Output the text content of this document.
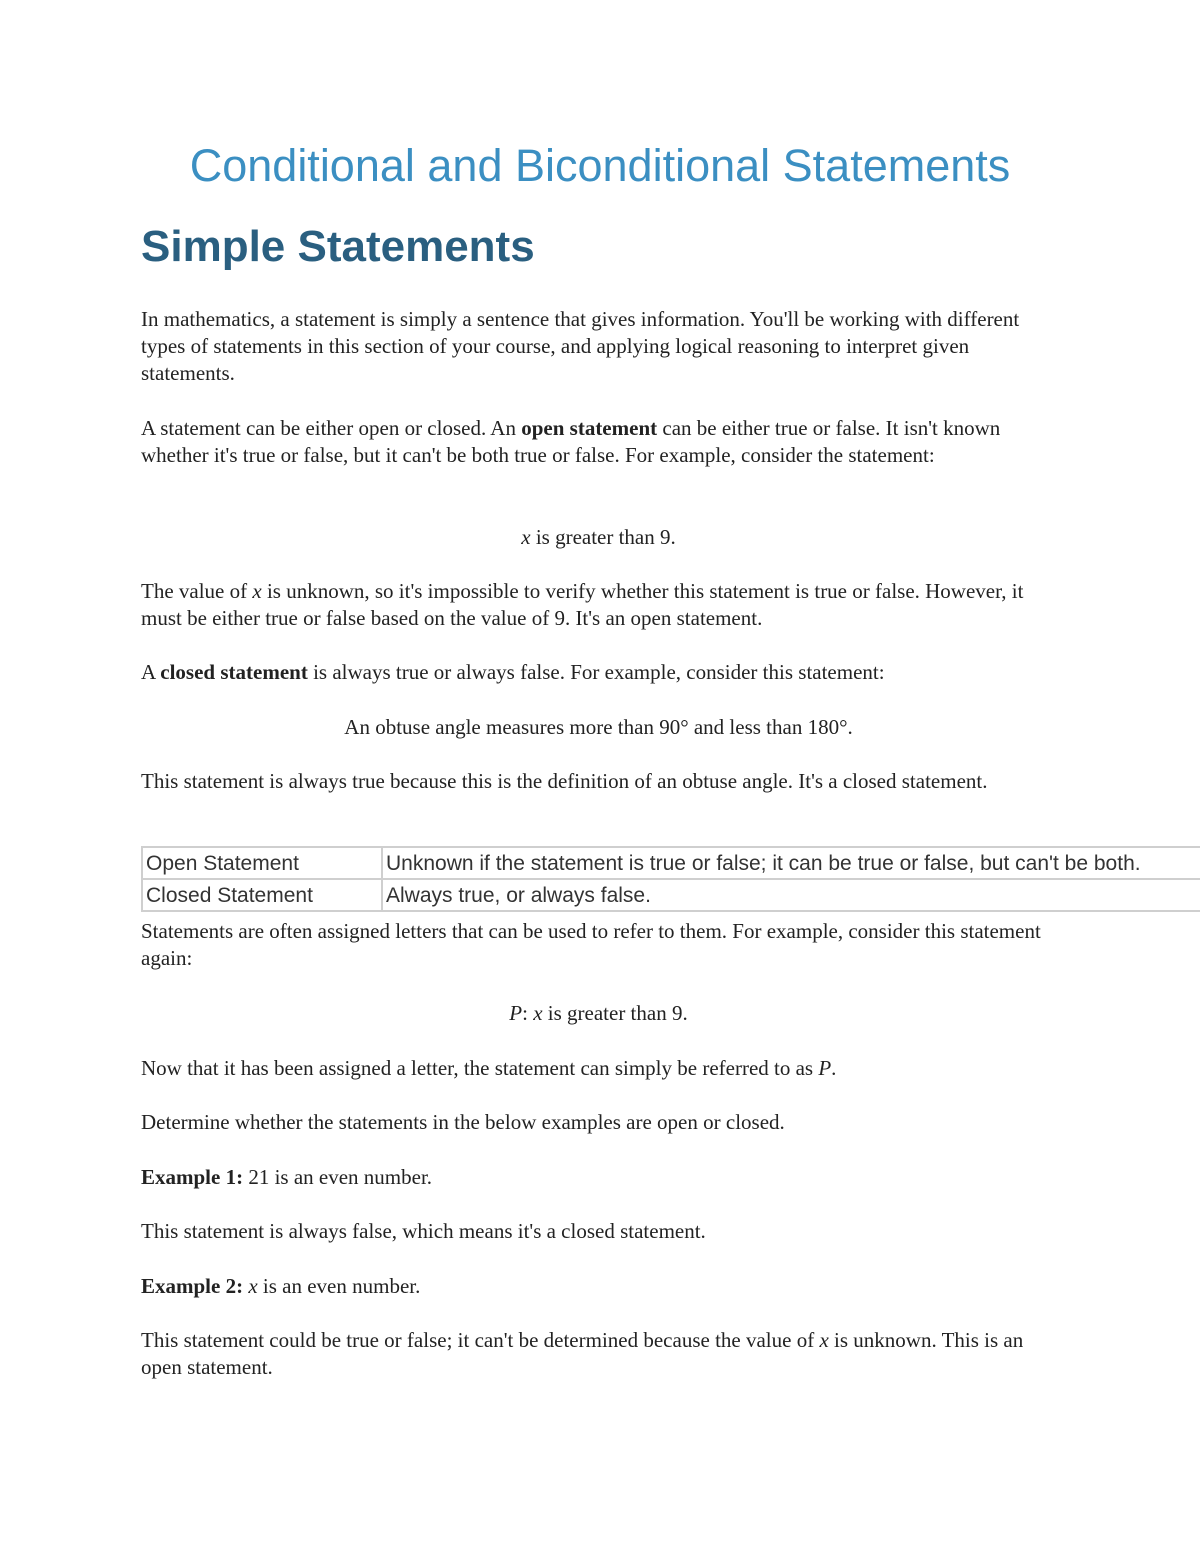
Conditional and Biconditional Statements
Simple Statements

In mathematics, a statement is simply a sentence that gives information. You'll be working with different types of statements in this section of your course, and applying logical reasoning to interpret given statements.

A statement can be either open or closed. An open statement can be either true or false. It isn't known whether it's true or false, but it can't be both true or false. For example, consider the statement:

x is greater than 9.

The value of x is unknown, so it's impossible to verify whether this statement is true or false. However, it must be either true or false based on the value of 9. It's an open statement.

A closed statement is always true or always false. For example, consider this statement:

An obtuse angle measures more than 90° and less than 180°.

This statement is always true because this is the definition of an obtuse angle. It's a closed statement.

Open Statement	Unknown if the statement is true or false; it can be true or false, but can't be both.
Closed Statement	Always true, or always false.

Statements are often assigned letters that can be used to refer to them. For example, consider this statement again:

P: x is greater than 9.

Now that it has been assigned a letter, the statement can simply be referred to as P.

Determine whether the statements in the below examples are open or closed.

Example 1: 21 is an even number.

This statement is always false, which means it's a closed statement.

Example 2: x is an even number.

This statement could be true or false; it can't be determined because the value of x is unknown. This is an open statement.
